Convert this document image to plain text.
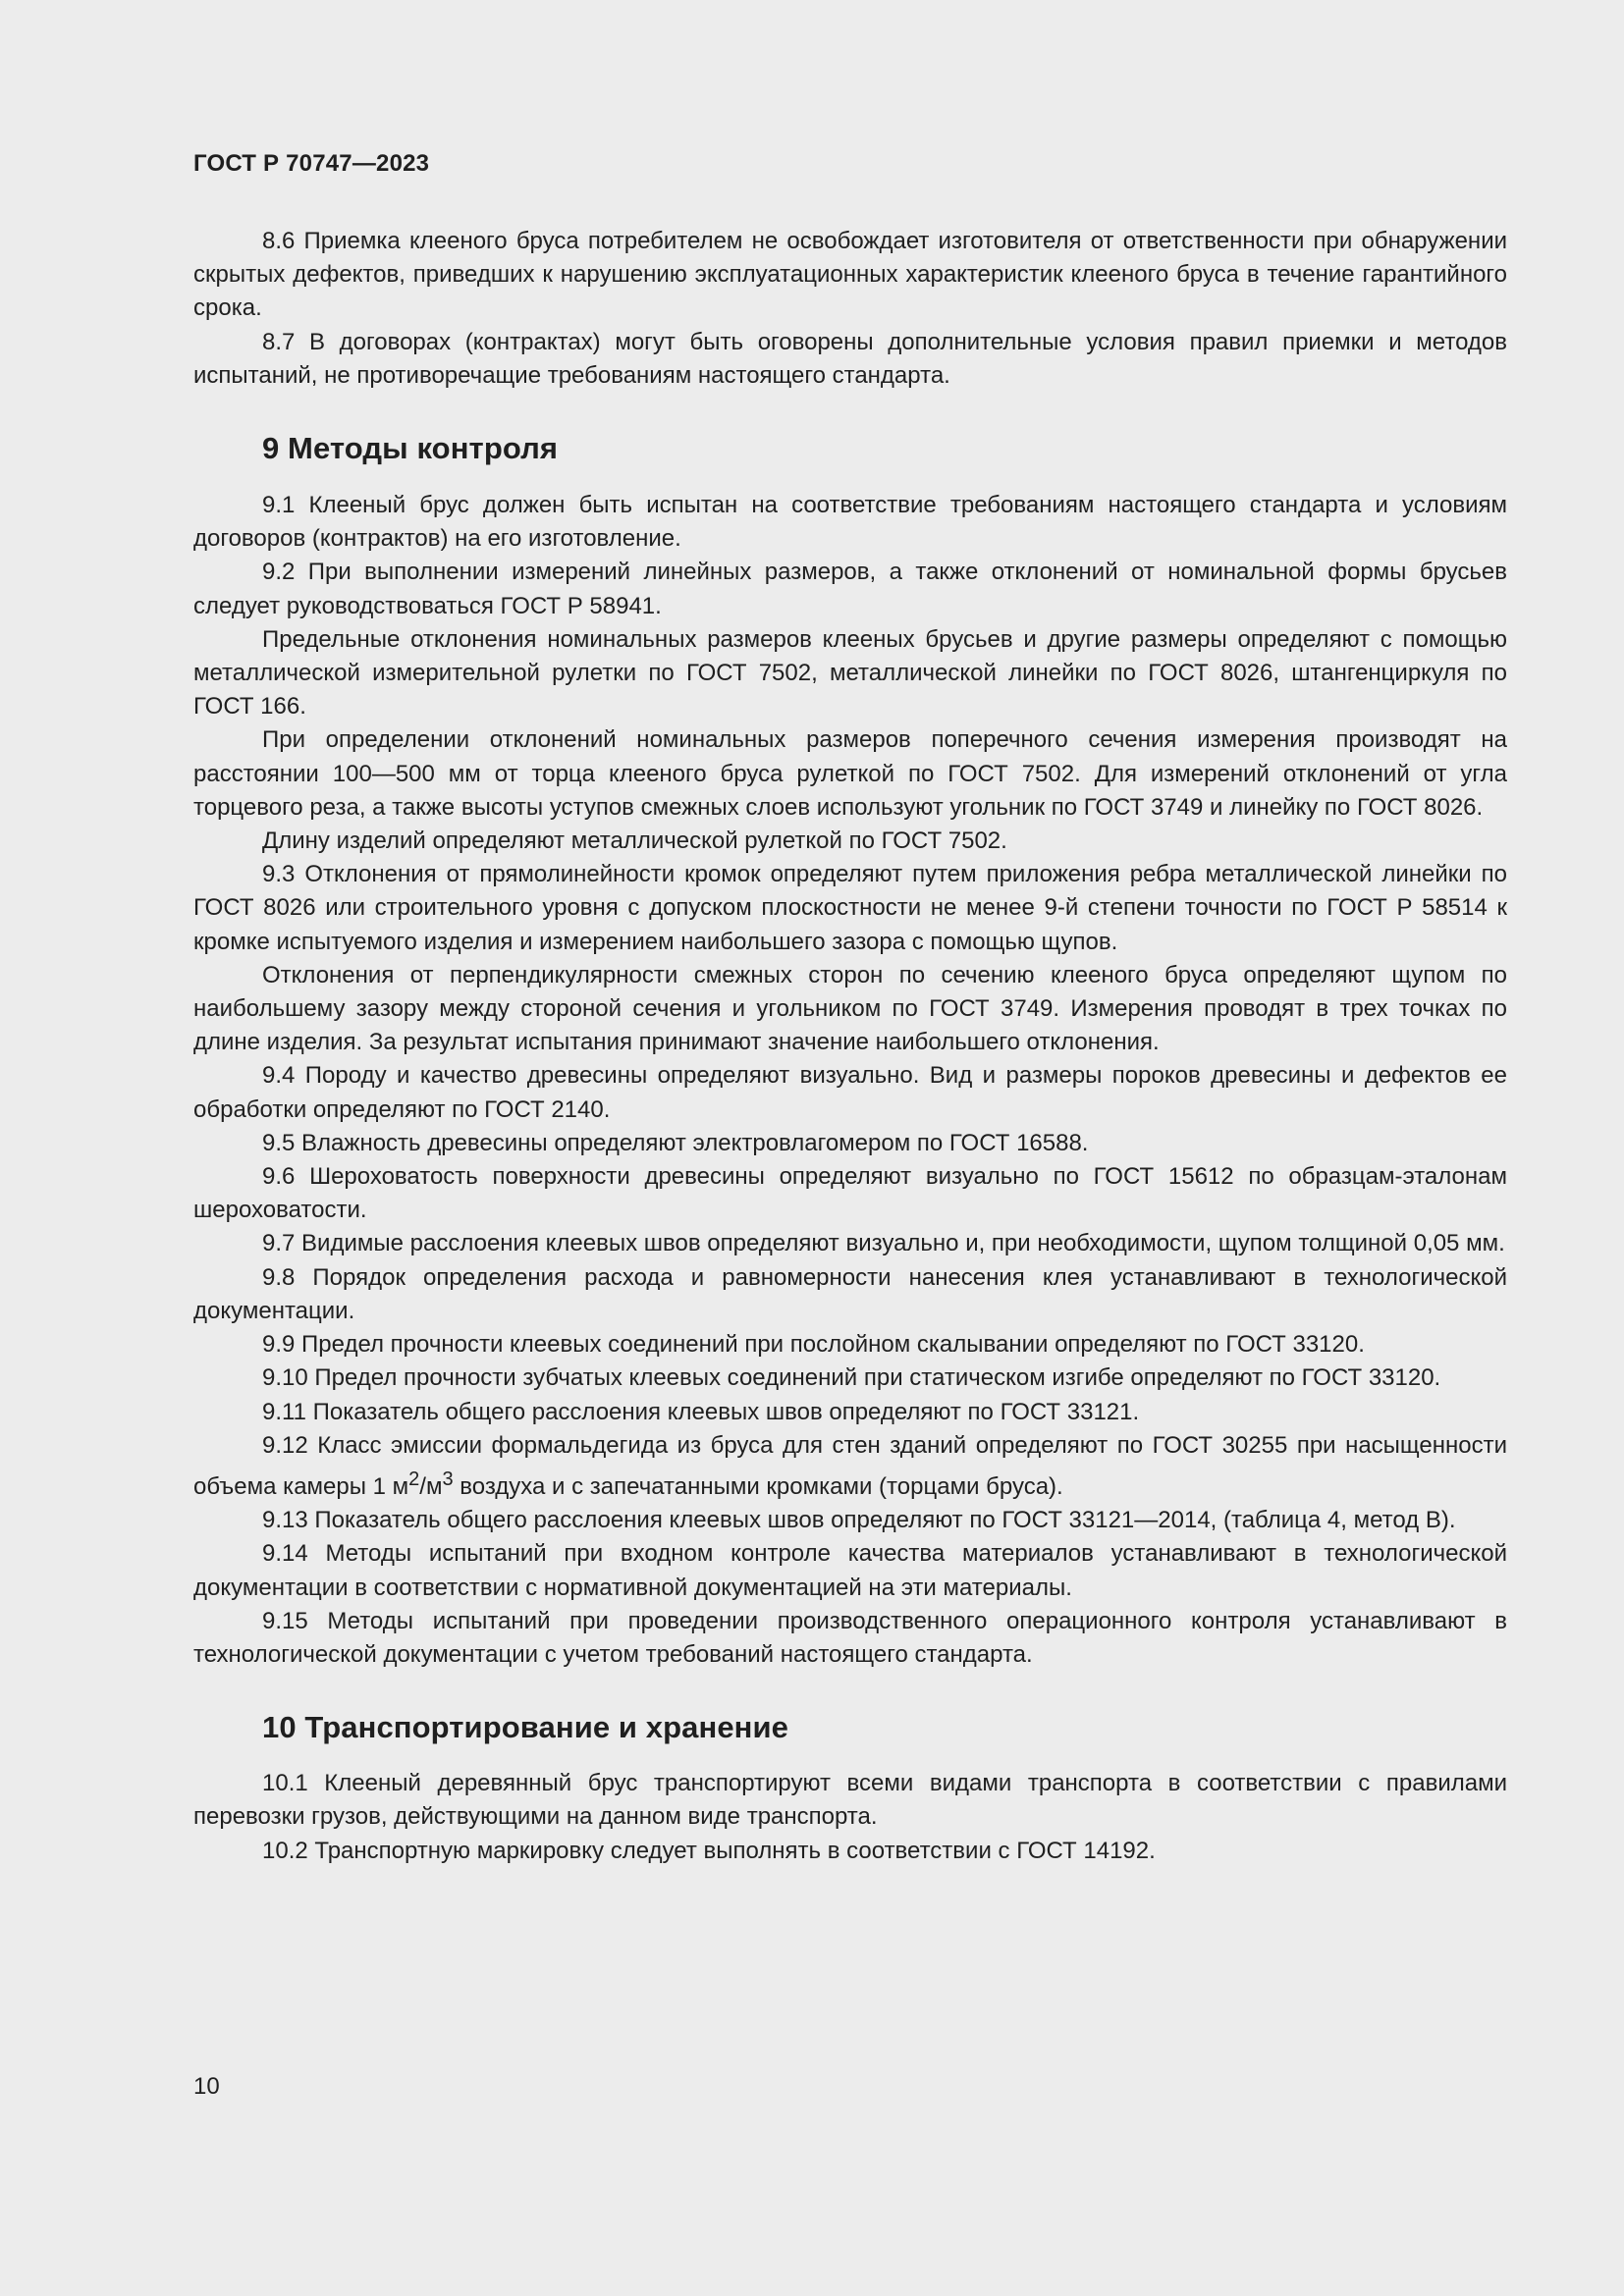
ГОСТ Р 70747—2023

8.6 Приемка клееного бруса потребителем не освобождает изготовителя от ответственности при обнаружении скрытых дефектов, приведших к нарушению эксплуатационных характеристик клееного бруса в течение гарантийного срока.

8.7 В договорах (контрактах) могут быть оговорены дополнительные условия правил приемки и методов испытаний, не противоречащие требованиям настоящего стандарта.

9 Методы контроля

9.1 Клееный брус должен быть испытан на соответствие требованиям настоящего стандарта и условиям договоров (контрактов) на его изготовление.

9.2 При выполнении измерений линейных размеров, а также отклонений от номинальной формы брусьев следует руководствоваться ГОСТ Р 58941.

Предельные отклонения номинальных размеров клееных брусьев и другие размеры определяют с помощью металлической измерительной рулетки по ГОСТ 7502, металлической линейки по ГОСТ 8026, штангенциркуля по ГОСТ 166.

При определении отклонений номинальных размеров поперечного сечения измерения производят на расстоянии 100—500 мм от торца клееного бруса рулеткой по ГОСТ 7502. Для измерений отклонений от угла торцевого реза, а также высоты уступов смежных слоев используют угольник по ГОСТ 3749 и линейку по ГОСТ 8026.

Длину изделий определяют металлической рулеткой по ГОСТ 7502.

9.3 Отклонения от прямолинейности кромок определяют путем приложения ребра металлической линейки по ГОСТ 8026 или строительного уровня с допуском плоскостности не менее 9-й степени точности по ГОСТ Р 58514 к кромке испытуемого изделия и измерением наибольшего зазора с помощью щупов.

Отклонения от перпендикулярности смежных сторон по сечению клееного бруса определяют щупом по наибольшему зазору между стороной сечения и угольником по ГОСТ 3749. Измерения проводят в трех точках по длине изделия. За результат испытания принимают значение наибольшего отклонения.

9.4 Породу и качество древесины определяют визуально. Вид и размеры пороков древесины и дефектов ее обработки определяют по ГОСТ 2140.

9.5 Влажность древесины определяют электровлагомером по ГОСТ 16588.

9.6 Шероховатость поверхности древесины определяют визуально по ГОСТ 15612 по образцам-эталонам шероховатости.

9.7 Видимые расслоения клеевых швов определяют визуально и, при необходимости, щупом толщиной 0,05 мм.

9.8 Порядок определения расхода и равномерности нанесения клея устанавливают в технологической документации.

9.9 Предел прочности клеевых соединений при послойном скалывании определяют по ГОСТ 33120.

9.10 Предел прочности зубчатых клеевых соединений при статическом изгибе определяют по ГОСТ 33120.

9.11 Показатель общего расслоения клеевых швов определяют по ГОСТ 33121.

9.12 Класс эмиссии формальдегида из бруса для стен зданий определяют по ГОСТ 30255 при насыщенности объема камеры 1 $м^2/м^3$ воздуха и с запечатанными кромками (торцами бруса).

9.13 Показатель общего расслоения клеевых швов определяют по ГОСТ 33121—2014, (таблица 4, метод В).

9.14 Методы испытаний при входном контроле качества материалов устанавливают в технологической документации в соответствии с нормативной документацией на эти материалы.

9.15 Методы испытаний при проведении производственного операционного контроля устанавливают в технологической документации с учетом требований настоящего стандарта.

10 Транспортирование и хранение

10.1 Клееный деревянный брус транспортируют всеми видами транспорта в соответствии с правилами перевозки грузов, действующими на данном виде транспорта.

10.2 Транспортную маркировку следует выполнять в соответствии с ГОСТ 14192.

10
